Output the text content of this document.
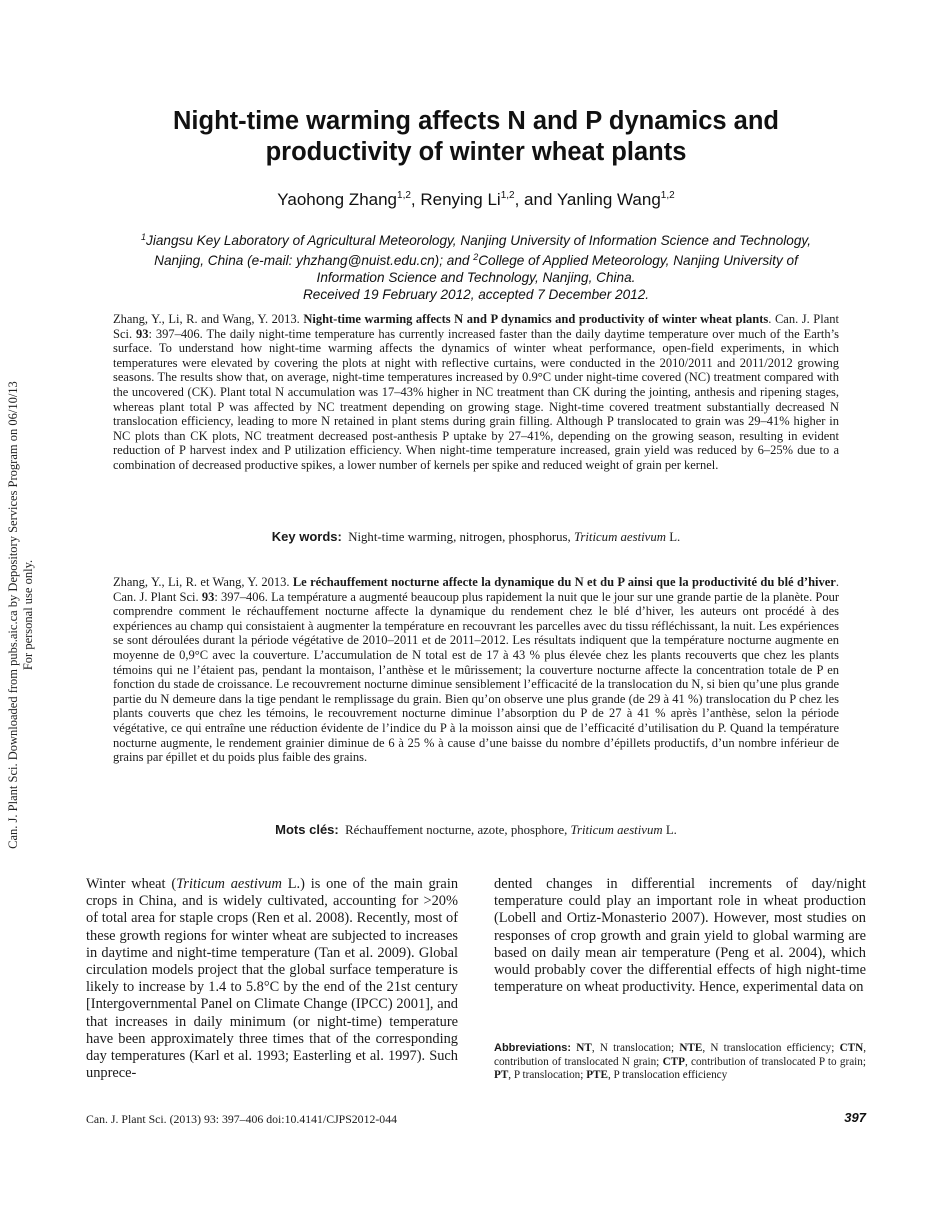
Can. J. Plant Sci. Downloaded from pubs.aic.ca by Depository Services Program on 06/10/13 For personal use only.
Night-time warming affects N and P dynamics and productivity of winter wheat plants
Yaohong Zhang$^{1,2}$, Renying Li$^{1,2}$, and Yanling Wang$^{1,2}$
$^1$Jiangsu Key Laboratory of Agricultural Meteorology, Nanjing University of Information Science and Technology, Nanjing, China (e-mail: yhzhang@nuist.edu.cn); and $^2$College of Applied Meteorology, Nanjing University of Information Science and Technology, Nanjing, China.
Received 19 February 2012, accepted 7 December 2012.
Zhang, Y., Li, R. and Wang, Y. 2013. Night-time warming affects N and P dynamics and productivity of winter wheat plants. Can. J. Plant Sci. 93: 397–406. The daily night-time temperature has currently increased faster than the daily daytime temperature over much of the Earth’s surface. To understand how night-time warming affects the dynamics of winter wheat performance, open-field experiments, in which temperatures were elevated by covering the plots at night with reflective curtains, were conducted in the 2010/2011 and 2011/2012 growing seasons. The results show that, on average, night-time temperatures increased by 0.9°C under night-time covered (NC) treatment compared with the uncovered (CK). Plant total N accumulation was 17–43% higher in NC treatment than CK during the jointing, anthesis and ripening stages, whereas plant total P was affected by NC treatment depending on growing stage. Night-time covered treatment substantially decreased N translocation efficiency, leading to more N retained in plant stems during grain filling. Although P translocated to grain was 29–41% higher in NC plots than CK plots, NC treatment decreased post-anthesis P uptake by 27–41%, depending on the growing season, resulting in evident reduction of P harvest index and P utilization efficiency. When night-time temperature increased, grain yield was reduced by 6–25% due to a combination of decreased productive spikes, a lower number of kernels per spike and reduced weight of grain per kernel.
Key words: Night-time warming, nitrogen, phosphorus, Triticum aestivum L.
Zhang, Y., Li, R. et Wang, Y. 2013. Le réchauffement nocturne affecte la dynamique du N et du P ainsi que la productivité du blé d’hiver. Can. J. Plant Sci. 93: 397–406. La température a augmenté beaucoup plus rapidement la nuit que le jour sur une grande partie de la planète. Pour comprendre comment le réchauffement nocturne affecte la dynamique du rendement chez le blé d’hiver, les auteurs ont procédé à des expériences au champ qui consistaient à augmenter la température en recouvrant les parcelles avec du tissu réfléchissant, la nuit. Les expériences se sont déroulées durant la période végétative de 2010–2011 et de 2011–2012. Les résultats indiquent que la température nocturne augmente en moyenne de 0,9°C avec la couverture. L’accumulation de N total est de 17 à 43 % plus élevée chez les plants recouverts que chez les plants témoins qui ne l’étaient pas, pendant la montaison, l’anthèse et le mûrissement; la couverture nocturne affecte la concentration totale de P en fonction du stade de croissance. Le recouvrement nocturne diminue sensiblement l’efficacité de la translocation du N, si bien qu’une plus grande partie du N demeure dans la tige pendant le remplissage du grain. Bien qu’on observe une plus grande (de 29 à 41 %) translocation du P chez les plants couverts que chez les témoins, le recouvrement nocturne diminue l’absorption du P de 27 à 41 % après l’anthèse, selon la période végétative, ce qui entraîne une réduction évidente de l’indice du P à la moisson ainsi que de l’efficacité d’utilisation du P. Quand la température nocturne augmente, le rendement grainier diminue de 6 à 25 % à cause d’une baisse du nombre d’épillets productifs, d’un nombre inférieur de grains par épillet et du poids plus faible des grains.
Mots clés: Réchauffement nocturne, azote, phosphore, Triticum aestivum L.
Winter wheat (Triticum aestivum L.) is one of the main grain crops in China, and is widely cultivated, accounting for >20% of total area for staple crops (Ren et al. 2008). Recently, most of these growth regions for winter wheat are subjected to increases in daytime and night-time temperature (Tan et al. 2009). Global circulation models project that the global surface temperature is likely to increase by 1.4 to 5.8°C by the end of the 21st century [Intergovernmental Panel on Climate Change (IPCC) 2001], and that increases in daily minimum (or night-time) temperature have been approximately three times that of the corresponding day temperatures (Karl et al. 1993; Easterling et al. 1997). Such unprece-
dented changes in differential increments of day/night temperature could play an important role in wheat production (Lobell and Ortiz-Monasterio 2007). However, most studies on responses of crop growth and grain yield to global warming are based on daily mean air temperature (Peng et al. 2004), which would probably cover the differential effects of high night-time temperature on wheat productivity. Hence, experimental data on
Abbreviations: NT, N translocation; NTE, N translocation efficiency; CTN, contribution of translocated N grain; CTP, contribution of translocated P to grain; PT, P translocation; PTE, P translocation efficiency
Can. J. Plant Sci. (2013) 93: 397–406 doi:10.4141/CJPS2012-044	397
